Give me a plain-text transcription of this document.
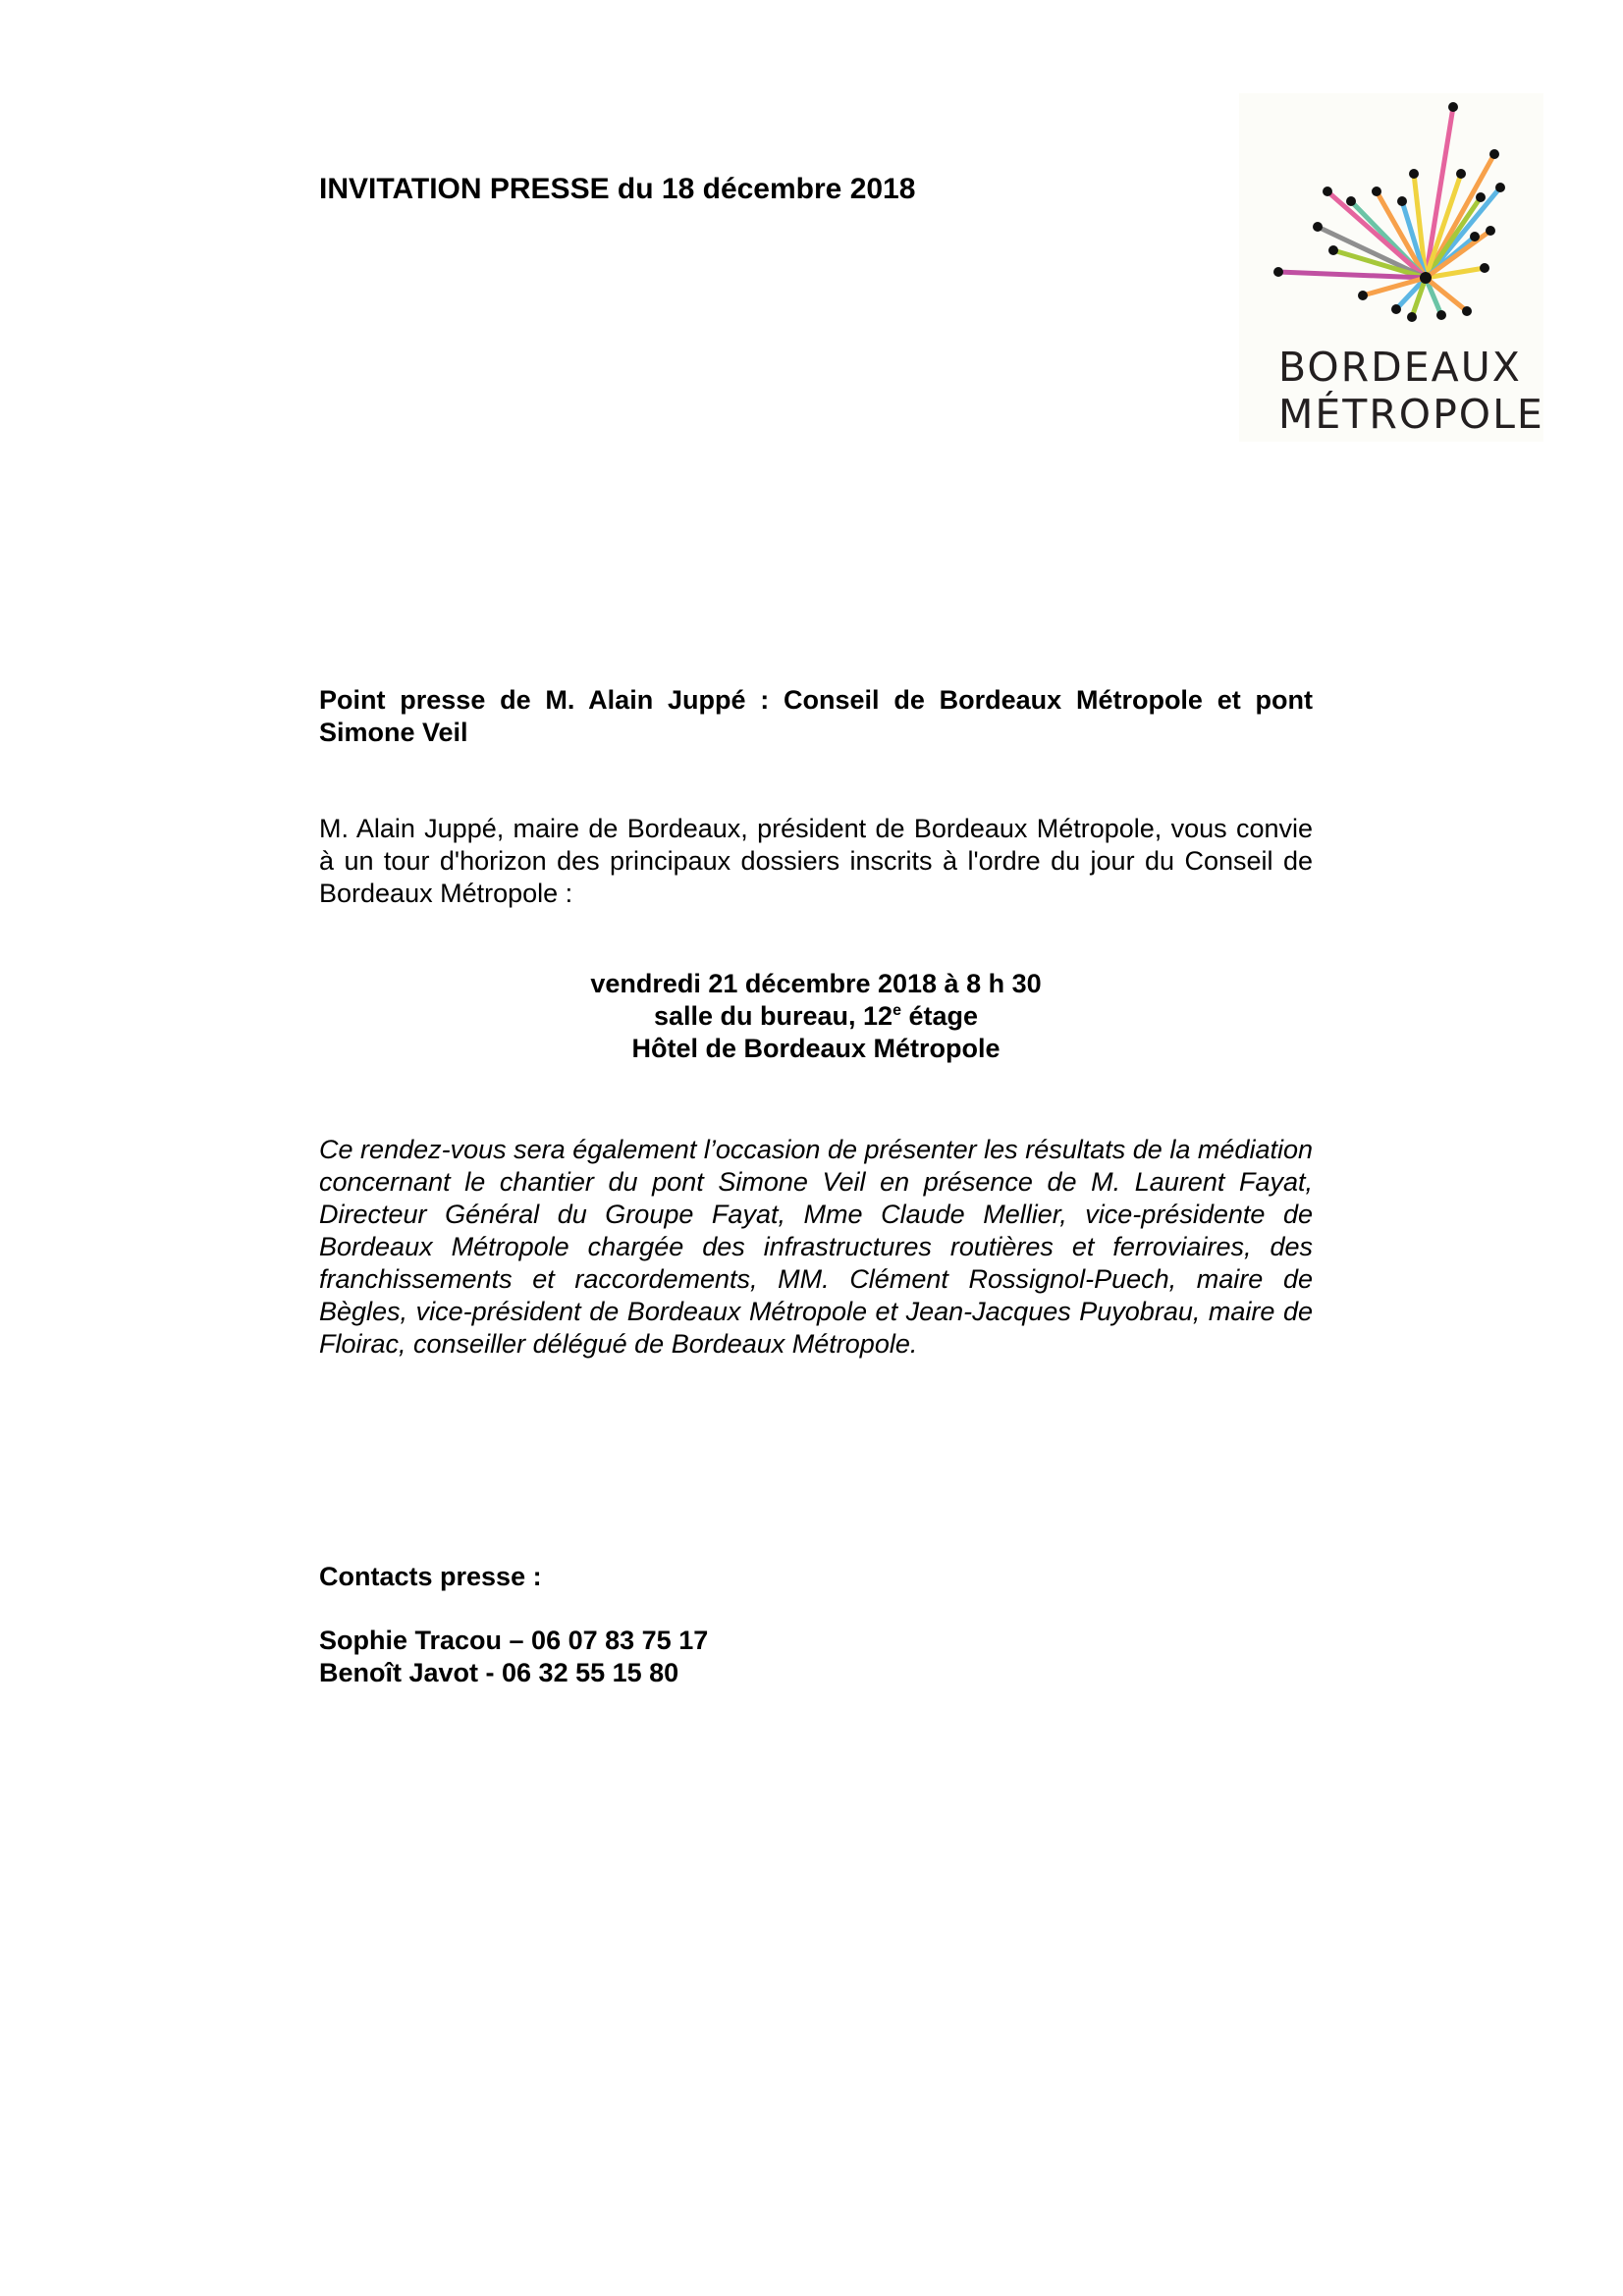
INVITATION PRESSE du 18 décembre 2018
BORDEAUX
MÉTROPOLE
Point presse de M. Alain Juppé : Conseil de Bordeaux Métropole et pont Simone Veil
M. Alain Juppé, maire de Bordeaux, président de Bordeaux Métropole, vous convie à un tour d'horizon des principaux dossiers inscrits à l'ordre du jour du Conseil de Bordeaux Métropole :
vendredi 21 décembre 2018 à 8 h 30
salle du bureau, 12e étage
Hôtel de Bordeaux Métropole
Ce rendez-vous sera également l’occasion de présenter les résultats de la médiation concernant le chantier du pont Simone Veil en présence de M. Laurent Fayat, Directeur Général du Groupe Fayat, Mme Claude Mellier, vice-présidente de Bordeaux Métropole chargée des infrastructures routières et ferroviaires, des franchissements et raccordements, MM. Clément Rossignol-Puech, maire de Bègles, vice-président de Bordeaux Métropole et Jean-Jacques Puyobrau, maire de Floirac, conseiller délégué de Bordeaux Métropole.
Contacts presse :
Sophie Tracou – 06 07 83 75 17
Benoît Javot - 06 32 55 15 80
